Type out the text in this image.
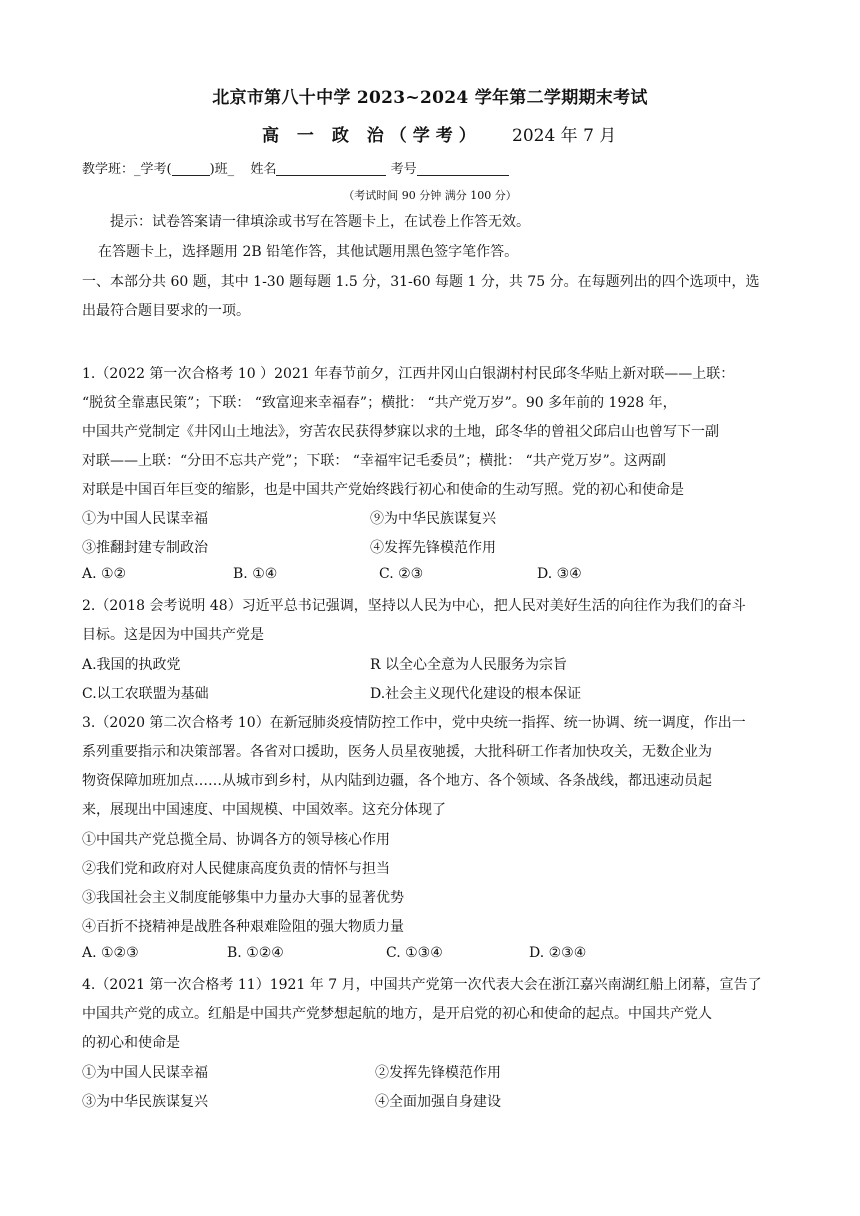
北京市第八十中学 2023~2024 学年第二学期期末考试
高 一 政 治（学考） 2024 年 7 月
教学班：_学考(	)班_ 姓名	考号
（考试时间 90 分钟 满分 100 分）
提示：试卷答案请一律填涂或书写在答题卡上，在试卷上作答无效。
在答题卡上，选择题用 2B 铅笔作答，其他试题用黑色签字笔作答。
一、本部分共 60 题，其中 1-30 题每题 1.5 分，31-60 每题 1 分，共 75 分。在每题列出的四个选项中，选
出最符合题目要求的一项。
1.（2022 第一次合格考 10 ）2021 年春节前夕，江西井冈山白银湖村村民邱冬华贴上新对联——上联：
“脱贫全靠惠民策”；下联： “致富迎来幸福春”；横批： “共产党万岁”。90 多年前的 1928 年，
中国共产党制定《井冈山土地法》，穷苦农民获得梦寐以求的土地，邱冬华的曾祖父邱启山也曾写下一副
对联——上联：“分田不忘共产党”；下联： “幸福牢记毛委员”；横批： “共产党万岁”。这两副
对联是中国百年巨变的缩影，也是中国共产党始终践行初心和使命的生动写照。党的初心和使命是
①为中国人民谋幸福	⑨为中华民族谋复兴
③推翻封建专制政治	④发挥先锋模范作用
A. ①②	B. ①④	C. ②③	D. ③④
2.（2018 会考说明 48）习近平总书记强调，坚持以人民为中心，把人民对美好生活的向往作为我们的奋斗
目标。这是因为中国共产党是
A.我国的执政党	R 以全心全意为人民服务为宗旨
C.以工农联盟为基础	D.社会主义现代化建设的根本保证
3.（2020 第二次合格考 10）在新冠肺炎疫情防控工作中，党中央统一指挥、统一协调、统一调度，作出一
系列重要指示和决策部署。各省对口援助，医务人员星夜驰援，大批科研工作者加快攻关，无数企业为
物资保障加班加点……从城市到乡村，从内陆到边疆，各个地方、各个领域、各条战线，都迅速动员起
来，展现出中国速度、中国规模、中国效率。这充分体现了
①中国共产党总揽全局、协调各方的领导核心作用
②我们党和政府对人民健康高度负责的情怀与担当
③我国社会主义制度能够集中力量办大事的显著优势
④百折不挠精神是战胜各种艰难险阻的强大物质力量
A. ①②③	B. ①②④	C. ①③④	D. ②③④
4.（2021 第一次合格考 11）1921 年 7 月，中国共产党第一次代表大会在浙江嘉兴南湖红船上闭幕，宣告了
中国共产党的成立。红船是中国共产党梦想起航的地方，是开启党的初心和使命的起点。中国共产党人
的初心和使命是
①为中国人民谋幸福	②发挥先锋模范作用
③为中华民族谋复兴	④全面加强自身建设
